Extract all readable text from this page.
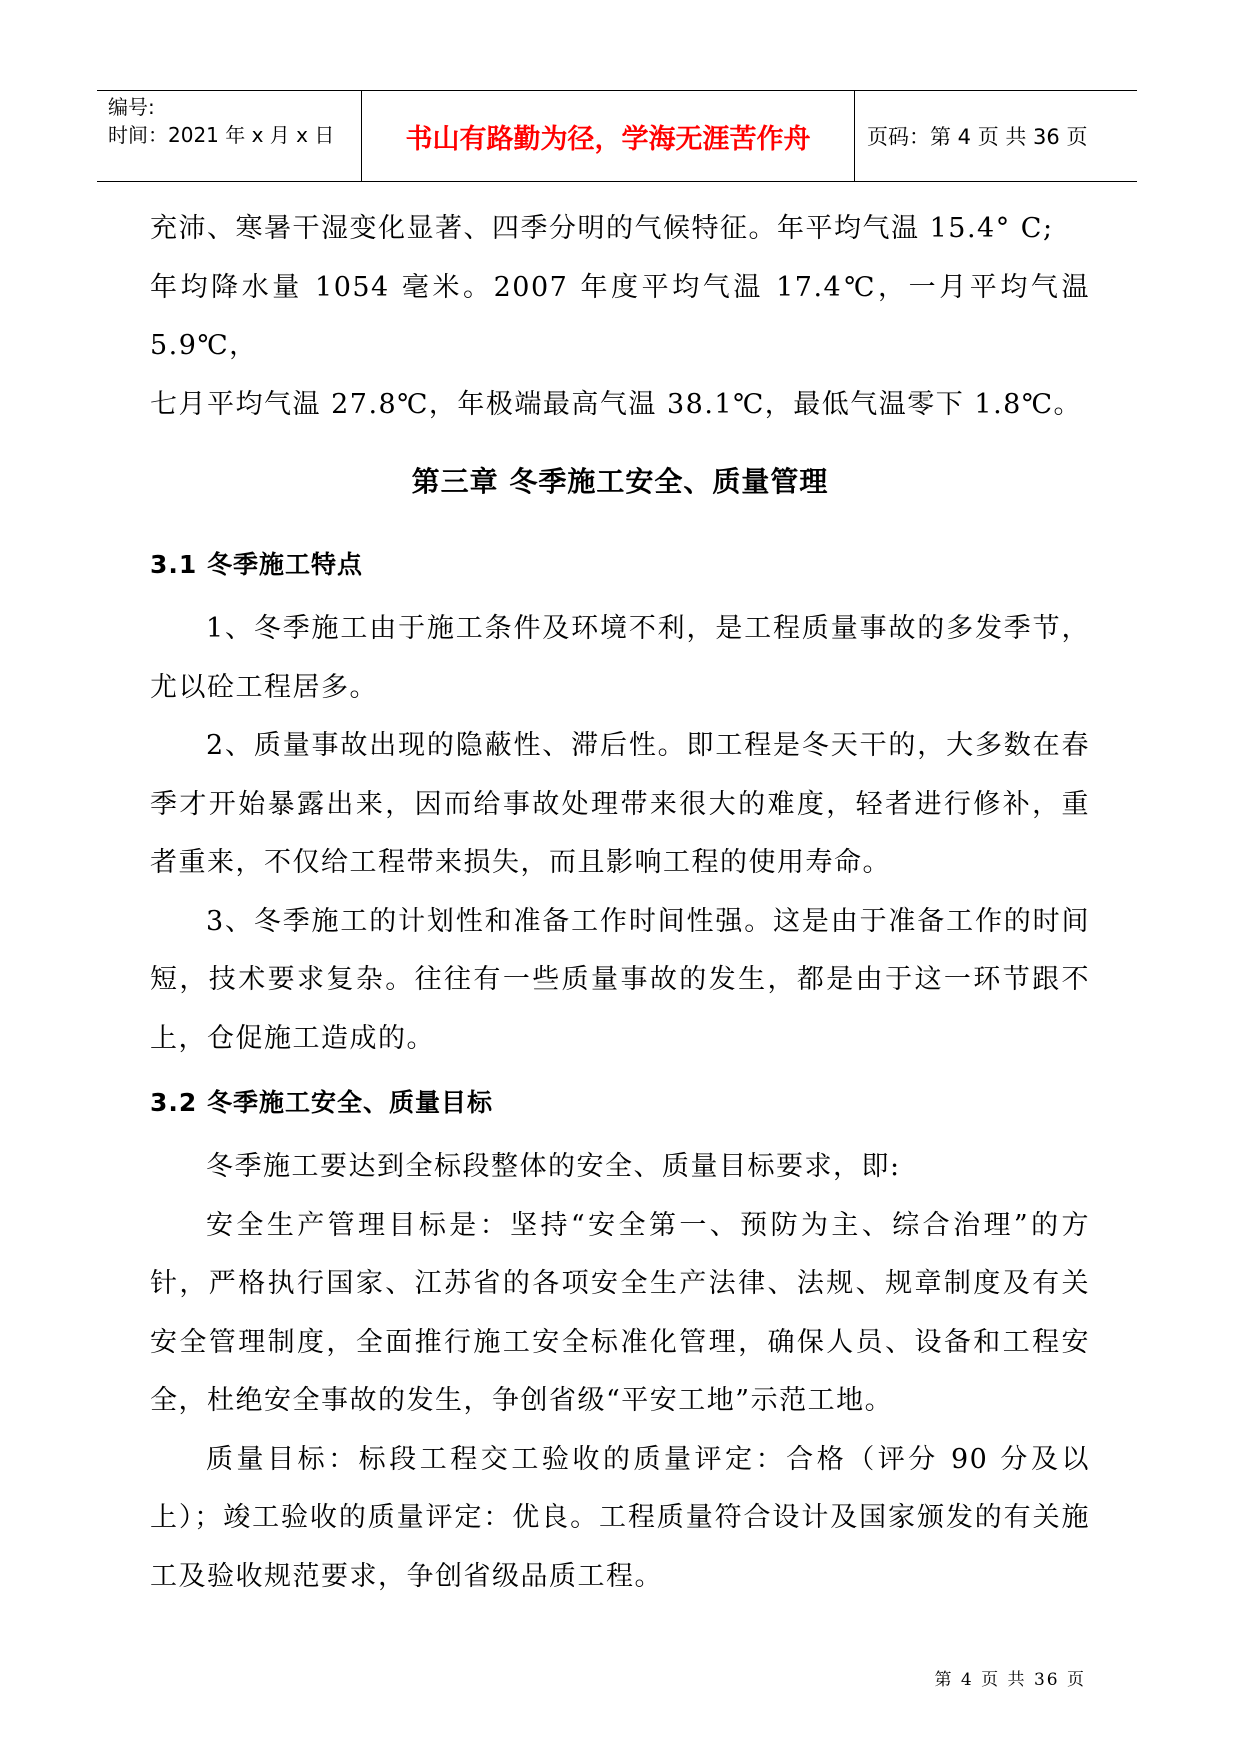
编号:
时间：2021 年 x 月 x 日	书山有路勤为径，学海无涯苦作舟	页码：第 4 页 共 36 页

充沛、寒暑干湿变化显著、四季分明的气候特征。年平均气温 15.4° C;

年均降水量 1054 毫米。2007 年度平均气温 17.4℃，一月平均气温 5.9℃，

七月平均气温 27.8℃，年极端最高气温 38.1℃，最低气温零下 1.8℃。

第三章 冬季施工安全、质量管理
3.1 冬季施工特点

1、冬季施工由于施工条件及环境不利，是工程质量事故的多发季节，尤以砼工程居多。

2、质量事故出现的隐蔽性、滞后性。即工程是冬天干的，大多数在春季才开始暴露出来，因而给事故处理带来很大的难度，轻者进行修补，重者重来，不仅给工程带来损失，而且影响工程的使用寿命。

3、冬季施工的计划性和准备工作时间性强。这是由于准备工作的时间短，技术要求复杂。往往有一些质量事故的发生，都是由于这一环节跟不上，仓促施工造成的。

3.2 冬季施工安全、质量目标

冬季施工要达到全标段整体的安全、质量目标要求，即:

安全生产管理目标是：坚持“安全第一、预防为主、综合治理”的方针，严格执行国家、江苏省的各项安全生产法律、法规、规章制度及有关安全管理制度，全面推行施工安全标准化管理，确保人员、设备和工程安全，杜绝安全事故的发生，争创省级“平安工地”示范工地。

质量目标：标段工程交工验收的质量评定：合格（评分 90 分及以上）；竣工验收的质量评定：优良。工程质量符合设计及国家颁发的有关施工及验收规范要求，争创省级品质工程。

第 4 页 共 36 页
